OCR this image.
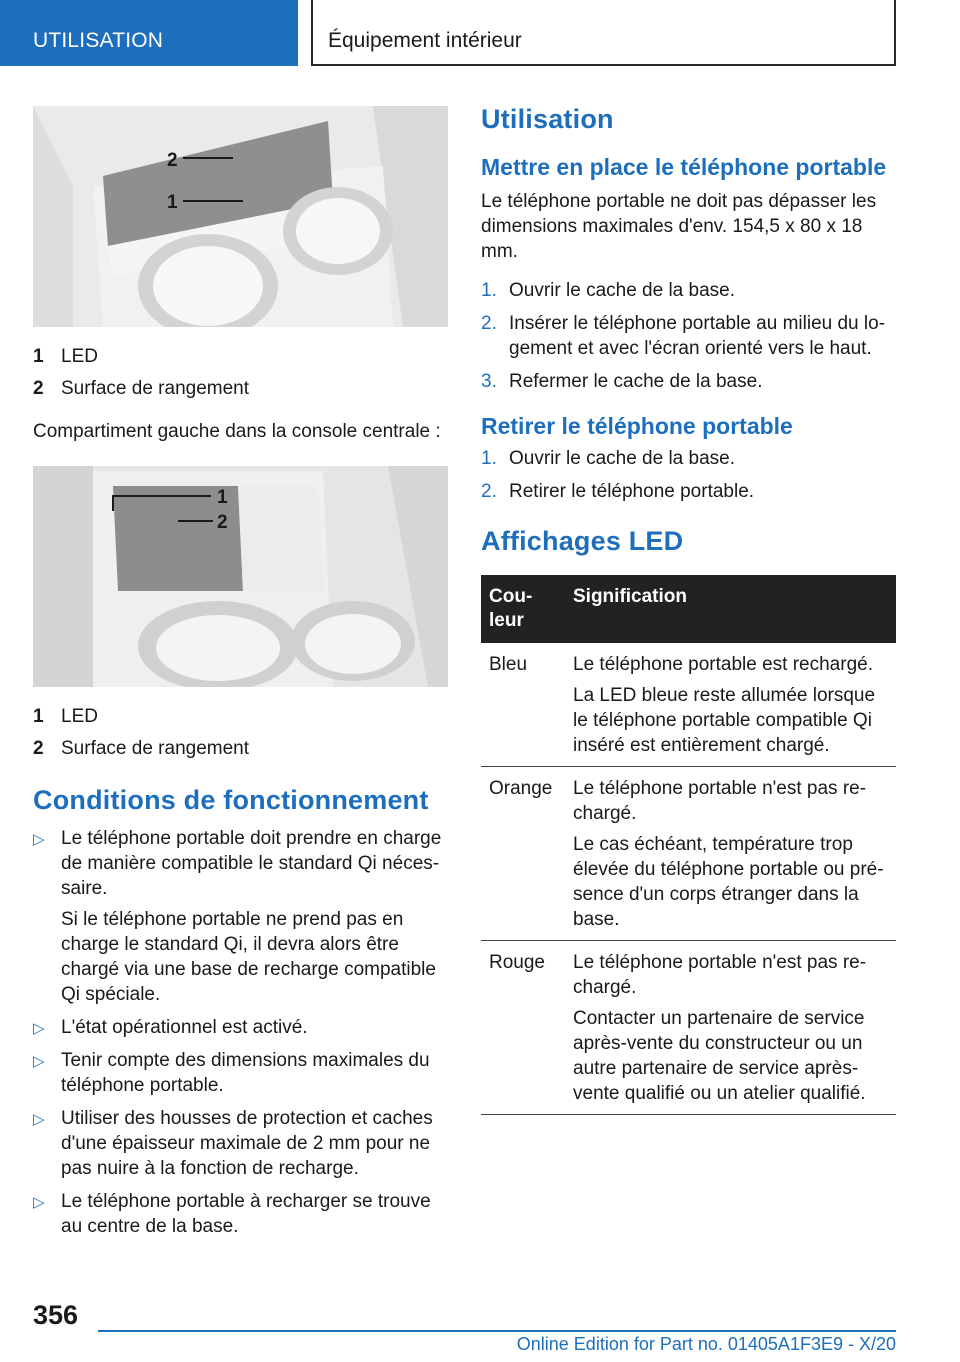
UTILISATION	Équipement intérieur
2
1
1 LED
2 Surface de rangement

Compartiment gauche dans la console centrale :

1
2
1 LED
2 Surface de rangement
Conditions de fonctionnement
▷ Le téléphone portable doit prendre en charge de manière compatible le standard Qi nécessaire.
Si le téléphone portable ne prend pas en charge le standard Qi, il devra alors être chargé via une base de recharge compatible Qi spéciale.
▷ L'état opérationnel est activé.
▷ Tenir compte des dimensions maximales du téléphone portable.
▷ Utiliser des housses de protection et caches d'une épaisseur maximale de 2 mm pour ne pas nuire à la fonction de recharge.
▷ Le téléphone portable à recharger se trouve au centre de la base.
Utilisation
Mettre en place le téléphone portable

Le téléphone portable ne doit pas dépasser les dimensions maximales d'env. 154,5 x 80 x 18 mm.

1. Ouvrir le cache de la base.
2. Insérer le téléphone portable au milieu du logement et avec l'écran orienté vers le haut.
3. Refermer le cache de la base.
Retirer le téléphone portable
1. Ouvrir le cache de la base.
2. Retirer le téléphone portable.
Affichages LED
Couleur	Signification
Bleu	Le téléphone portable est rechargé.

La LED bleue reste allumée lorsque le téléphone portable compatible Qi inséré est entièrement chargé.

Orange	Le téléphone portable n'est pas rechargé.

Le cas échéant, température trop élevée du téléphone portable ou présence d'un corps étranger dans la base.

Rouge	Le téléphone portable n'est pas rechargé.

Contacter un partenaire de service après-vente du constructeur ou un autre partenaire de service après-vente qualifié ou un atelier qualifié.

356
Online Edition for Part no. 01405A1F3E9 - X/20
